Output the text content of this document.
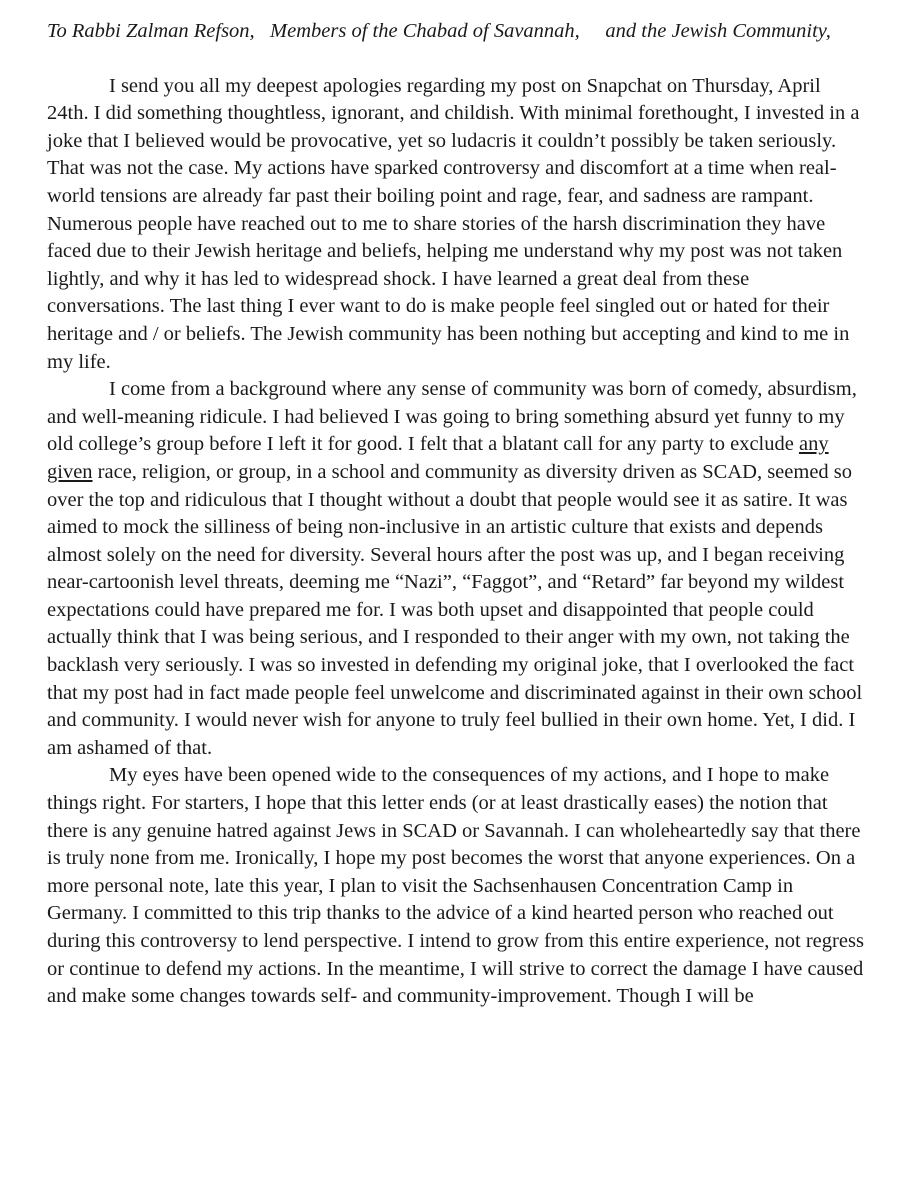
To Rabbi Zalman Refson,   Members of the Chabad of Savannah,     and the Jewish Community,

I send you all my deepest apologies regarding my post on Snapchat on Thursday, April 24th. I did something thoughtless, ignorant, and childish. With minimal forethought, I invested in a joke that I believed would be provocative, yet so ludacris it couldn’t possibly be taken seriously. That was not the case. My actions have sparked controversy and discomfort at a time when real-world tensions are already far past their boiling point and rage, fear, and sadness are rampant. Numerous people have reached out to me to share stories of the harsh discrimination they have faced due to their Jewish heritage and beliefs, helping me understand why my post was not taken lightly, and why it has led to widespread shock. I have learned a great deal from these conversations. The last thing I ever want to do is make people feel singled out or hated for their heritage and / or beliefs. The Jewish community has been nothing but accepting and kind to me in my life.

I come from a background where any sense of community was born of comedy, absurdism, and well-meaning ridicule. I had believed I was going to bring something absurd yet funny to my old college’s group before I left it for good. I felt that a blatant call for any party to exclude any given race, religion, or group, in a school and community as diversity driven as SCAD, seemed so over the top and ridiculous that I thought without a doubt that people would see it as satire. It was aimed to mock the silliness of being non-inclusive in an artistic culture that exists and depends almost solely on the need for diversity. Several hours after the post was up, and I began receiving near-cartoonish level threats, deeming me “Nazi”, “Faggot”, and “Retard” far beyond my wildest expectations could have prepared me for. I was both upset and disappointed that people could actually think that I was being serious, and I responded to their anger with my own, not taking the backlash very seriously. I was so invested in defending my original joke, that I overlooked the fact that my post had in fact made people feel unwelcome and discriminated against in their own school and community. I would never wish for anyone to truly feel bullied in their own home. Yet, I did. I am ashamed of that.

My eyes have been opened wide to the consequences of my actions, and I hope to make things right. For starters, I hope that this letter ends (or at least drastically eases) the notion that there is any genuine hatred against Jews in SCAD or Savannah. I can wholeheartedly say that there is truly none from me. Ironically, I hope my post becomes the worst that anyone experiences. On a more personal note, late this year, I plan to visit the Sachsenhausen Concentration Camp in Germany. I committed to this trip thanks to the advice of a kind hearted person who reached out during this controversy to lend perspective. I intend to grow from this entire experience, not regress or continue to defend my actions. In the meantime, I will strive to correct the damage I have caused and make some changes towards self- and community-improvement. Though I will be
